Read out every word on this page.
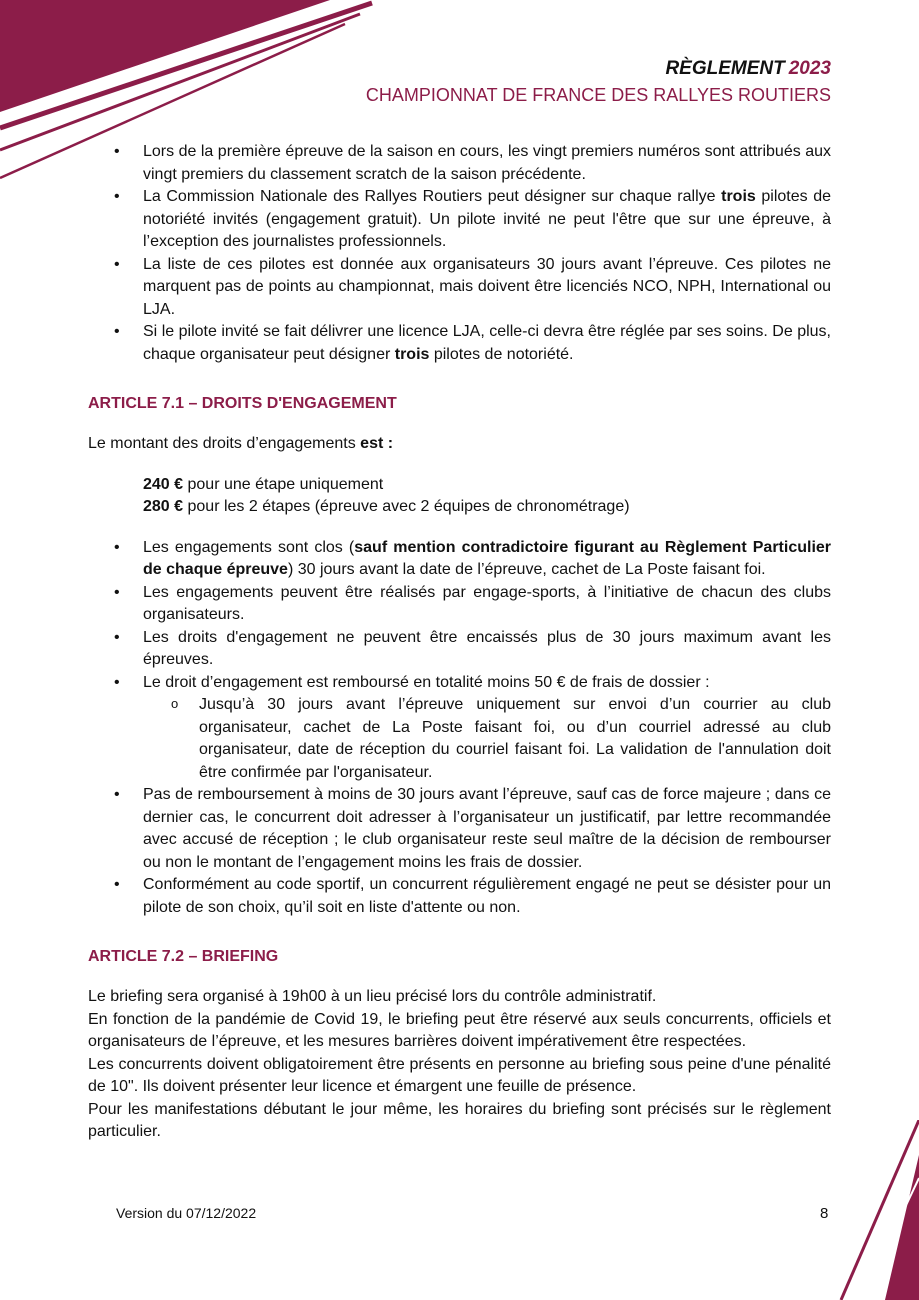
RÈGLEMENT 2023
CHAMPIONNAT DE FRANCE DES RALLYES ROUTIERS
• Lors de la première épreuve de la saison en cours, les vingt premiers numéros sont attribués aux vingt premiers du classement scratch de la saison précédente.
• La Commission Nationale des Rallyes Routiers peut désigner sur chaque rallye trois pilotes de notoriété invités (engagement gratuit). Un pilote invité ne peut l'être que sur une épreuve, à l’exception des journalistes professionnels.
• La liste de ces pilotes est donnée aux organisateurs 30 jours avant l’épreuve. Ces pilotes ne marquent pas de points au championnat, mais doivent être licenciés NCO, NPH, International ou LJA.
• Si le pilote invité se fait délivrer une licence LJA, celle-ci devra être réglée par ses soins. De plus, chaque organisateur peut désigner trois pilotes de notoriété.
ARTICLE 7.1 – DROITS D'ENGAGEMENT

Le montant des droits d’engagements est :

240 € pour une étape uniquement

280 € pour les 2 étapes (épreuve avec 2 équipes de chronométrage)

• Les engagements sont clos (sauf mention contradictoire figurant au Règlement Particulier de chaque épreuve) 30 jours avant la date de l’épreuve, cachet de La Poste faisant foi.
• Les engagements peuvent être réalisés par engage-sports, à l’initiative de chacun des clubs organisateurs.
• Les droits d'engagement ne peuvent être encaissés plus de 30 jours maximum avant les épreuves.
• Le droit d’engagement est remboursé en totalité moins 50 € de frais de dossier :
o Jusqu’à 30 jours avant l’épreuve uniquement sur envoi d’un courrier au club organisateur, cachet de La Poste faisant foi, ou d’un courriel adressé au club organisateur, date de réception du courriel faisant foi. La validation de l'annulation doit être confirmée par l'organisateur.
• Pas de remboursement à moins de 30 jours avant l’épreuve, sauf cas de force majeure ; dans ce dernier cas, le concurrent doit adresser à l’organisateur un justificatif, par lettre recommandée avec accusé de réception ; le club organisateur reste seul maître de la décision de rembourser ou non le montant de l’engagement moins les frais de dossier.
• Conformément au code sportif, un concurrent régulièrement engagé ne peut se désister pour un pilote de son choix, qu’il soit en liste d'attente ou non.
ARTICLE 7.2 – BRIEFING

Le briefing sera organisé à 19h00 à un lieu précisé lors du contrôle administratif.

En fonction de la pandémie de Covid 19, le briefing peut être réservé aux seuls concurrents, officiels et organisateurs de l’épreuve, et les mesures barrières doivent impérativement être respectées.

Les concurrents doivent obligatoirement être présents en personne au briefing sous peine d'une pénalité de 10". Ils doivent présenter leur licence et émargent une feuille de présence.

Pour les manifestations débutant le jour même, les horaires du briefing sont précisés sur le règlement particulier.

Version du 07/12/2022	8
